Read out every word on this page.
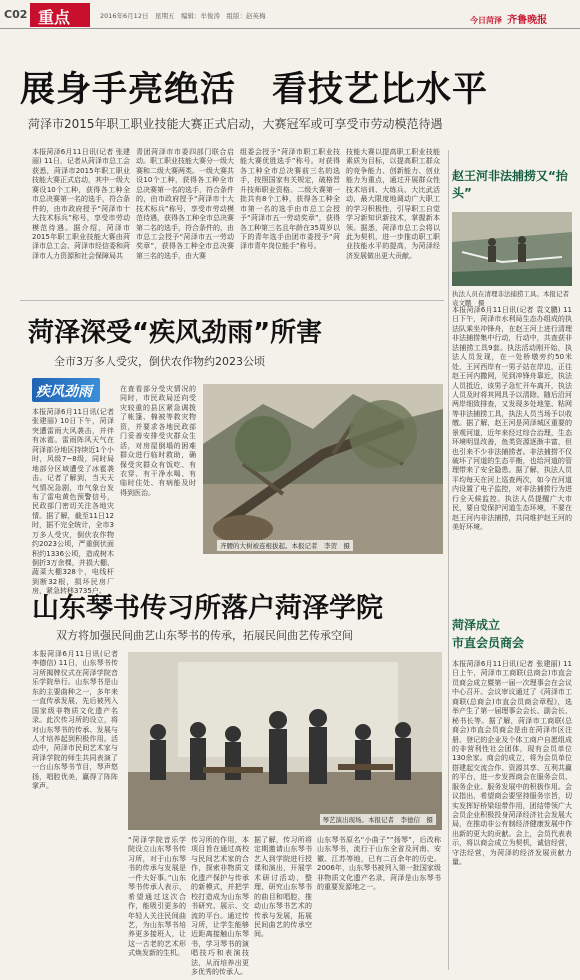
C02 重点	2016年6月12日　星期五　编辑：牟俊涛　组版：赵英梅	今日菏泽 齐鲁晚报
展身手亮绝活　看技艺比水平
菏泽市2015年职工职业技能大赛正式启动，大赛冠军或可享受市劳动模范待遇
本报菏泽6月11日讯(记者 张建丽) 11日，记者从菏泽市总工会获悉，菏泽市2015年职工职业技能大赛正式启动，其中一级大赛设10个工种，获得各工种全市总决赛第一名的选手，符合条件的，由市政府授予“菏泽市十大技术标兵”称号，享受市劳动模范待遇。据介绍，菏泽市2015年职工职业技能大赛由菏泽市总工会、菏泽市经信委和菏泽市人力资源和社会保障局共
青团菏泽市市委四部门联合启动。职工职业技能大赛分一级大赛和二级大赛两类。一级大赛共设10个工种，获得各工种全市总决赛第一名的选手，符合条件的，由市政府授予“菏泽市十大技术标兵”称号，享受市劳动模范待遇，获得各工种全市总决赛第二名的选手，符合条件的，由市总工会授予“菏泽市五一劳动奖章”，获得各工种全市总决赛第三名的选手，由大赛
组委会授予“菏泽市职工职业技能大赛优胜选手”称号。对获得各工种全市总决赛前三名的选手，按照国家有关规定，破格晋升技师职业资格。二级大赛第一批共有8个工种，获得各工种全市第一名的选手由市总工会授予“菏泽市五一劳动奖章”，获得各工种第三名且年龄在35周岁以下的青年选手由团市委授予“菏泽市青年岗位能手”称号。
技能大赛以提高职工职业技能素质为目标，以提高职工群众的竞争能力、创新能力、创业能力为重点，通过开展群众性技术培训、大练兵、大比武活动，最大限度地调动广大职工的学习积极性，引导职工自觉学习新知识新技术，掌握新本领。据悉，菏泽市总工会将以此为契机，进一步推动职工职业技能水平的提高，为菏泽经济发展做出更大贡献。
菏泽深受“疾风劲雨”所害
全市3万多人受灾，倒伏农作物约2023公顷
疾风劲雨
本报菏泽6月11日讯(记者 张建丽) 10日下午，菏泽突遭雷雨大风袭击，并伴有冰雹。雷雨阵风天气在菏泽部分地区持续近1个小时，风级7~8级，同时局地部分区域遭受了冰雹袭击。记者了解到，当天天气情况急剧，市气象台发布了雷电黄色预警信号，民政部门密切关注各地灾情。据了解，截至11日12时，据不完全统计，全市3万多人受灾，倒伏农作物约2023公顷，严重倒伏面积约1336公顷，造成树木倒折3万余棵，并损大棚、蔬菜大棚328个，电线杆到断32根，损坏民房厂房，紧急转移3735户。
在查看部分受灾情况的同时，市民政局还向受灾较重的县区紧急调拨了帐篷、棉被等救灾物资，并要求各地民政部门妥善安排受灾群众生活，对房屋倒塌的困难群众进行临时救助，确保受灾群众有饭吃、有衣穿、有干净水喝、有临时住处、有病能及时得到医治。
齐腰的大树被连根拔起。本报记者　李贺　摄
山东琴书传习所落户菏泽学院
双方将加强民间曲艺山东琴书的传承，拓展民间曲艺传承空间
本报菏泽6月11日讯(记者 李德信) 11日，山东琴书传习所揭牌仪式在菏泽学院音乐学院举行。山东琴书是山东的主要曲种之一，多年来一直传承发展，先后被列入国家级非物质文化遗产名录。此次传习所的设立，将对山东琴书的传承、发展与人才培养起到积极作用。活动中，菏泽市民间艺术家与菏泽学院的师生共同表演了一台山东琴书节目，琴声悠扬，唱腔优美，赢得了阵阵掌声。
琴艺演出现场。本报记者　李德信　摄
“菏泽学院音乐学院设立山东琴书传习所，对于山东琴书的传承与发展是一件大好事。”山东琴书传承人表示，希望通过这次合作，能吸引更多的年轻人关注民间曲艺，为山东琴书培养更多接班人，让这一古老的艺术形式焕发新的生机。
传习所的作用，本项目旨在通过高校与民间艺术家的合作，探索非物质文化遗产保护与传承的新模式，并把学校打造成为山东琴书研究、展示、交流的平台。通过传习所，让学生能够近距离接触山东琴书，学习琴书的演唱技巧和表演技法，从而培养出更多优秀的传承人。
据了解，传习所将定期邀请山东琴书艺人到学院进行授课和演出，开展学术研讨活动，整理、研究山东琴书的曲目和唱腔，推动山东琴书艺术的传承与发展，拓展民间曲艺的传承空间。
山东琴书原名“小曲子”“扬琴”，后改称山东琴书，流行于山东全省及河南、安徽、江苏等地，已有二百余年的历史。2006年，山东琴书被列入第一批国家级非物质文化遗产名录，菏泽是山东琴书的重要发源地之一。
赵王河非法捕捞又“抬头”
执法人员在清理非法捕捞工具。本报记者　袁文鹏　摄
本报菏泽6月11日讯(记者 袁文鹏) 11日下午，菏泽市水利局生态办组成的执法队乘坐冲锋舟，在赵王河上进行清理非法捕捞集中行动，行动中，共查获非法捕捞工具9套。执法活动刚开始，执法人员发现，在一处桥墩旁约50米处，王河西岸有一男子站在岸边，正往赵王河内撒网，见到冲锋舟靠近，执法人员抵近，该男子急忙开车离开，执法人员及时将其网具予以清除。随后沿河两岸细致排查，又发现多处地笼、粘网等非法捕捞工具，执法人员当场予以收缴。据了解，赵王河是菏泽城区重要的景观河道，近年来经过综合治理，生态环境明显改善，鱼类资源逐渐丰富，但也引来不少非法捕捞者。非法捕捞不仅破坏了河道的生态平衡，也给河道的管理带来了安全隐患。据了解，执法人员平均每天在河上巡查两次，如今在河道内设置了电子监控，对非法捕捞行为进行全天候监控。执法人员提醒广大市民，要自觉保护河道生态环境，不要在赵王河内非法捕捞，共同维护赵王河的美好环境。
菏泽成立
市直会员商会
本报菏泽6月11日讯(记者 张建丽) 11日上午，菏泽市工商联(总商会)市直会员商会成立暨第一届一次理事会在会议中心召开。会议审议通过了《菏泽市工商联(总商会)市直会员商会章程》，选举产生了第一届理事会会长、副会长、秘书长等。据了解，菏泽市工商联(总商会)市直会员商会是由在菏泽市区注册、登记的企业及个体工商户自愿组成的非营利性社会团体，现有会员单位130余家。商会的成立，将为会员单位搭建起交流合作、资源共享、互利共赢的平台，进一步发挥商会在服务会员、服务企业、服务发展中的积极作用。会议指出，希望商会要坚持服务宗旨，切实发挥好桥梁纽带作用，团结带领广大会员企业积极投身菏泽经济社会发展大局，在推动非公有制经济健康发展中作出新的更大的贡献。会上，会员代表表示，将以商会成立为契机，诚信经营，守法经营，为菏泽的经济发展贡献力量。
